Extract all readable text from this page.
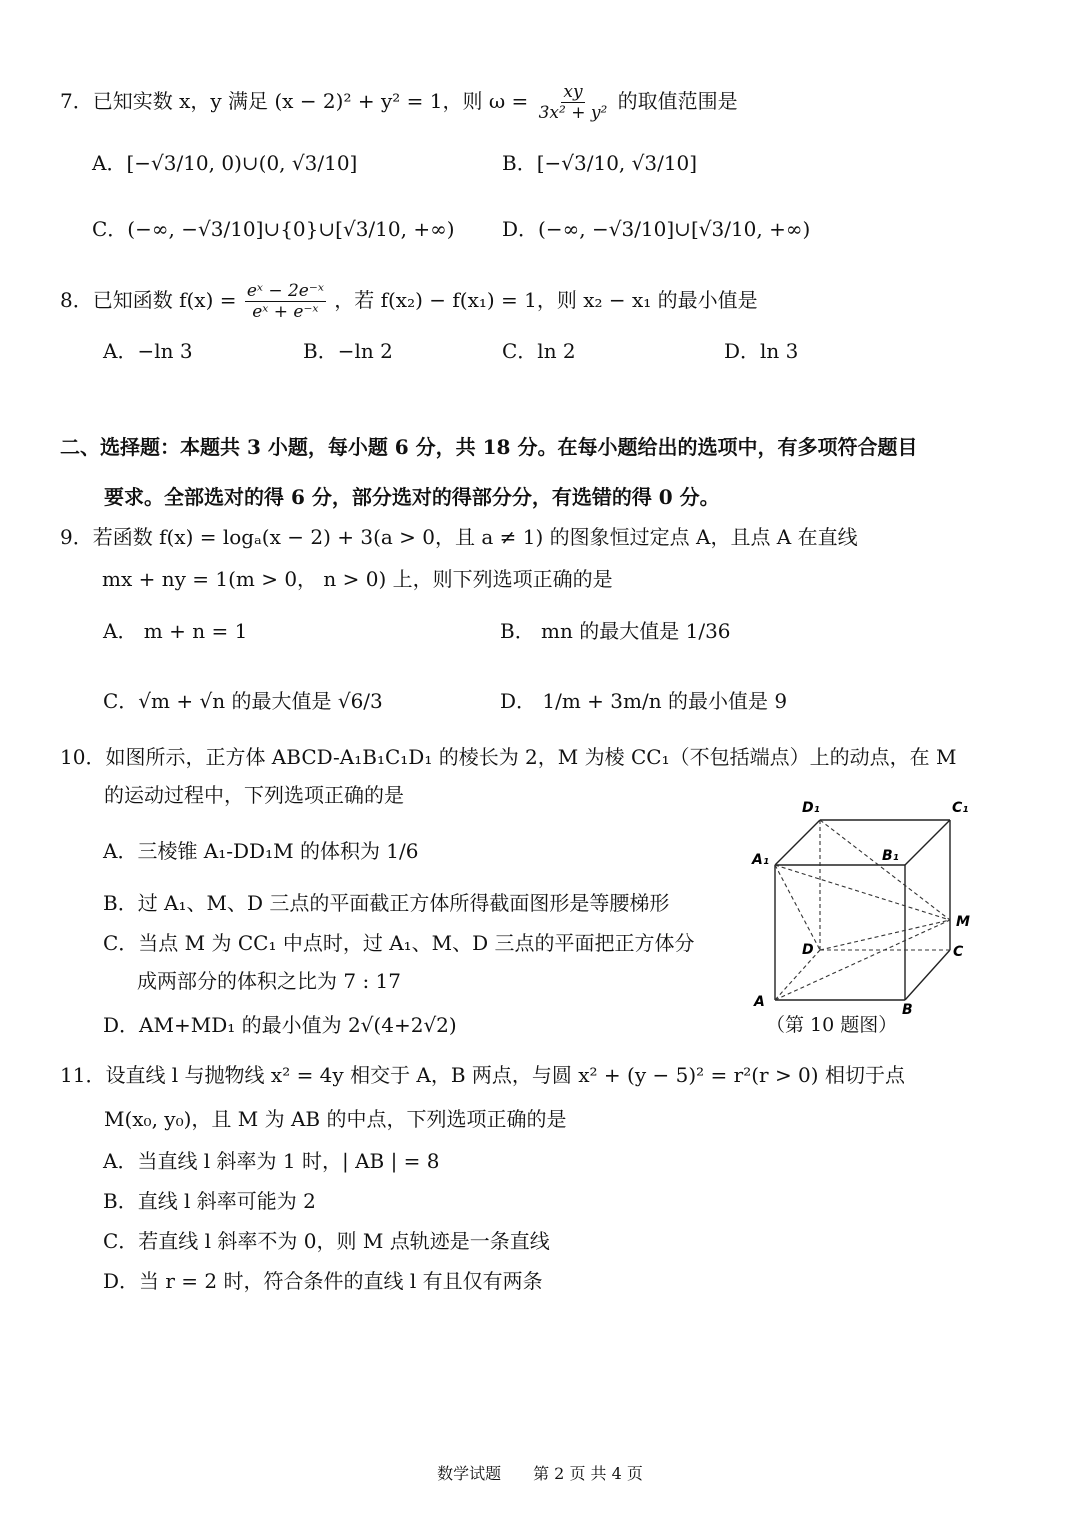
7．已知实数 x，y 满足 (x − 2)² + y² = 1，则 $\omega = \frac{xy}{\text{3x² + y²}}$ 的取值范围是
A．[−√3/10, 0)∪(0, √3/10]	B．[−√3/10, √3/10]
C．(−∞, −√3/10]∪{0}∪[√3/10, +∞) D．(−∞, −√3/10]∪[√3/10, +∞)
8．已知函数 $f(x) = \frac{\text{eˣ − 2e⁻ˣ}}{\text{eˣ + e⁻ˣ}}$ ，若 f(x₂) − f(x₁) = 1，则 x₂ − x₁ 的最小值是
A．−ln 3	B．−ln 2	C．ln 2	D．ln 3
二、选择题：本题共 3 小题，每小题 6 分，共 18 分。在每小题给出的选项中，有多项符合题目
要求。全部选对的得 6 分，部分选对的得部分分，有选错的得 0 分。
9．若函数 f(x) = logₐ(x − 2) + 3(a > 0，且 a ≠ 1) 的图象恒过定点 A，且点 A 在直线
mx + ny = 1(m > 0， n > 0) 上，则下列选项正确的是
A． m + n = 1	B． mn 的最大值是 1/36
C．√m + √n 的最大值是 √6/3	D． 1/m + 3m/n 的最小值是 9
10．如图所示，正方体 ABCD-A₁B₁C₁D₁ 的棱长为 2，M 为棱 CC₁（不包括端点）上的动点，在 M
的运动过程中，下列选项正确的是
A．三棱锥 A₁-DD₁M 的体积为 1/6
B．过 A₁、M、D 三点的平面截正方体所得截面图形是等腰梯形
C．当点 M 为 CC₁ 中点时，过 A₁、M、D 三点的平面把正方体分
成两部分的体积之比为 7 : 17
D．AM+MD₁ 的最小值为 2√(4+2√2)
D₁	C₁
A₁	B₁
M
D	C
A	B
（第 10 题图）
11．设直线 l 与抛物线 x² = 4y 相交于 A，B 两点，与圆 x² + (y − 5)² = r²(r > 0) 相切于点
M(x₀, y₀)，且 M 为 AB 的中点，下列选项正确的是
A．当直线 l 斜率为 1 时，| AB | = 8
B．直线 l 斜率可能为 2
C．若直线 l 斜率不为 0，则 M 点轨迹是一条直线
D．当 r = 2 时，符合条件的直线 l 有且仅有两条
数学试题　　第 2 页 共 4 页
